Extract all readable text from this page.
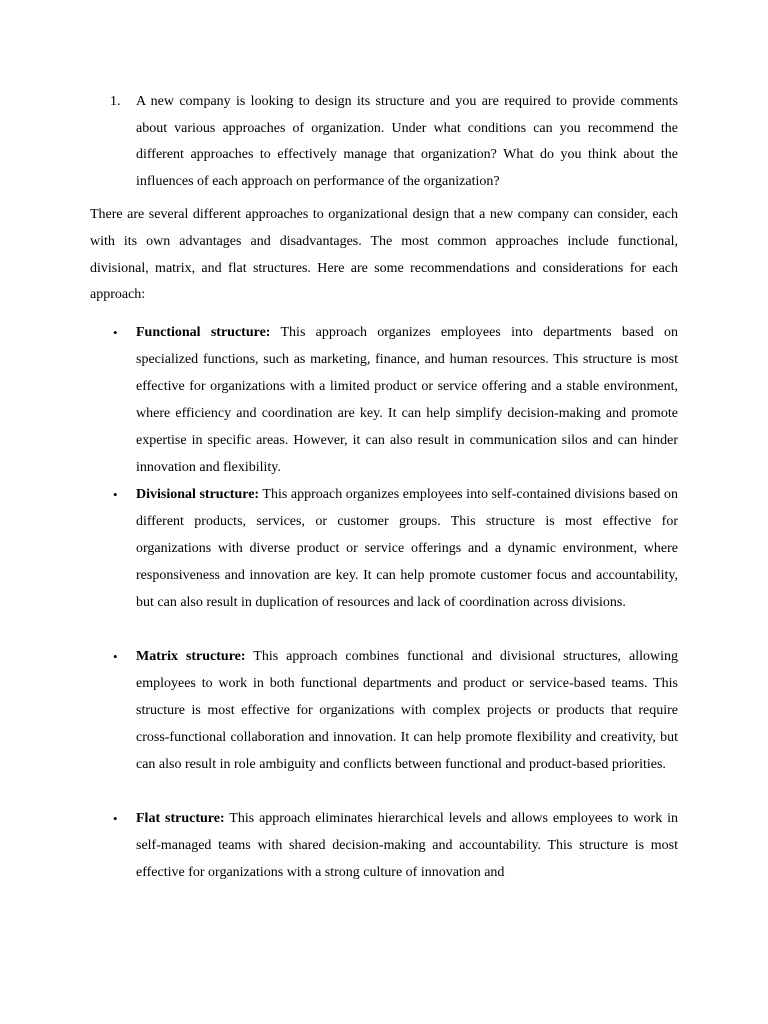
1.	A new company is looking to design its structure and you are required to provide comments about various approaches of organization. Under what conditions can you recommend the different approaches to effectively manage that organization? What do you think about the influences of each approach on performance of the organization?

There are several different approaches to organizational design that a new company can consider, each with its own advantages and disadvantages. The most common approaches include functional, divisional, matrix, and flat structures. Here are some recommendations and considerations for each approach:

• Functional structure: This approach organizes employees into departments based on specialized functions, such as marketing, finance, and human resources. This structure is most effective for organizations with a limited product or service offering and a stable environment, where efficiency and coordination are key. It can help simplify decision-making and promote expertise in specific areas. However, it can also result in communication silos and can hinder innovation and flexibility.
• Divisional structure: This approach organizes employees into self-contained divisions based on different products, services, or customer groups. This structure is most effective for organizations with diverse product or service offerings and a dynamic environment, where responsiveness and innovation are key. It can help promote customer focus and accountability, but can also result in duplication of resources and lack of coordination across divisions.
• Matrix structure: This approach combines functional and divisional structures, allowing employees to work in both functional departments and product or service-based teams. This structure is most effective for organizations with complex projects or products that require cross-functional collaboration and innovation. It can help promote flexibility and creativity, but can also result in role ambiguity and conflicts between functional and product-based priorities.
• Flat structure: This approach eliminates hierarchical levels and allows employees to work in self-managed teams with shared decision-making and accountability. This structure is most effective for organizations with a strong culture of innovation and
